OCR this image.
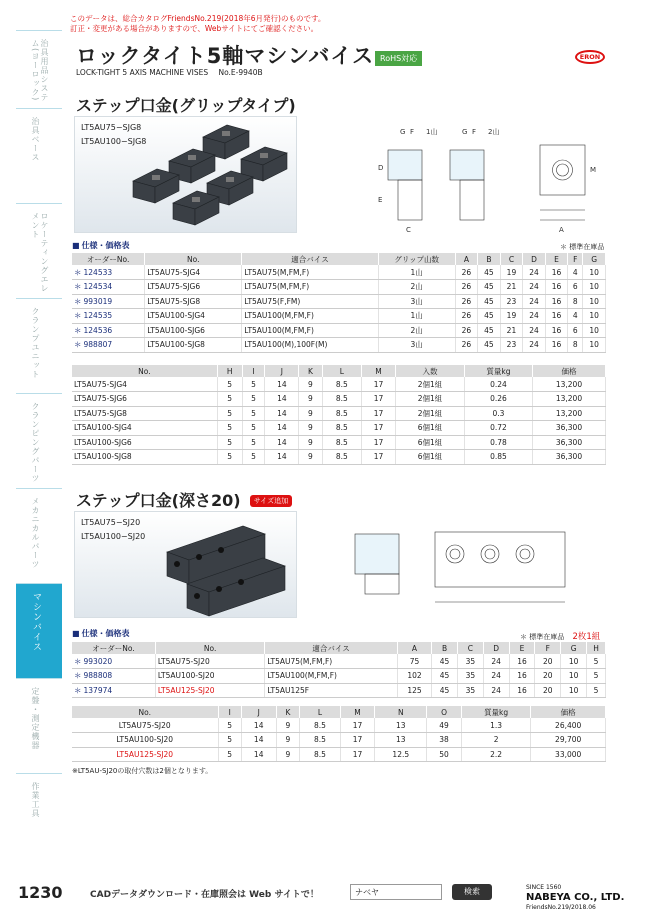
このデータは、総合カタログFriendsNo.219(2018年6月発行)のものです。
訂正・変更がある場合がありますので、Webサイトにてご確認ください。
治具用品システム(ヨーロック)
治具ベース
ロケーティングエレメント
クランプユニット
クランピングパーツ
メカニカルパーツ
マシンバイス
定盤・測定機器
作業工具
ロックタイト5軸マシンバイス RoHS対応
LOCK-TIGHT 5 AXIS MACHINE VISES No.E-9940B
ERON
ステップ口金(グリップタイプ)
LT5AU75−SJG8
LT5AU100−SJG8
G F 1山	G F 2山
D
E
C	A
M
■ 仕様・価格表	＊ 標準在庫品
オーダーNo.	No.	適合バイス	グリップ山数	A	B	C	D	E	F	G
＊ 124533	LT5AU75-SJG4	LT5AU75(M,FM,F)	1山	26	45	19	24	16	4	10
＊ 124534	LT5AU75-SJG6	LT5AU75(M,FM,F)	2山	26	45	21	24	16	6	10
＊ 993019	LT5AU75-SJG8	LT5AU75(F,FM)	3山	26	45	23	24	16	8	10
＊ 124535	LT5AU100-SJG4	LT5AU100(M,FM,F)	1山	26	45	19	24	16	4	10
＊ 124536	LT5AU100-SJG6	LT5AU100(M,FM,F)	2山	26	45	21	24	16	6	10
＊ 988807	LT5AU100-SJG8	LT5AU100(M),100F(M)	3山	26	45	23	24	16	8	10
No.	H	I	J	K	L	M	入数	質量kg	価格
LT5AU75-SJG4	5	5	14	9	8.5	17	2個1組	0.24	13,200
LT5AU75-SJG6	5	5	14	9	8.5	17	2個1組	0.26	13,200
LT5AU75-SJG8	5	5	14	9	8.5	17	2個1組	0.3	13,200
LT5AU100-SJG4	5	5	14	9	8.5	17	6個1組	0.72	36,300
LT5AU100-SJG6	5	5	14	9	8.5	17	6個1組	0.78	36,300
LT5AU100-SJG8	5	5	14	9	8.5	17	6個1組	0.85	36,300
ステップ口金(深さ20) サイズ追加
LT5AU75−SJ20
LT5AU100−SJ20
■ 仕様・価格表	＊ 標準在庫品 2枚1組
オーダーNo.	No.	適合バイス	A	B	C	D	E	F	G	H
＊ 993020	LT5AU75-SJ20	LT5AU75(M,FM,F)	75	45	35	24	16	20	10	5
＊ 988808	LT5AU100-SJ20	LT5AU100(M,FM,F)	102	45	35	24	16	20	10	5
＊ 137974	LT5AU125-SJ20	LT5AU125F	125	45	35	24	16	20	10	5
No.	I	J	K	L	M	N	O	質量kg	価格
LT5AU75-SJ20	5	14	9	8.5	17	13	49	1.3	26,400
LT5AU100-SJ20	5	14	9	8.5	17	13	38	2	29,700
LT5AU125-SJ20	5	14	9	8.5	17	12.5	50	2.2	33,000
※LT5AU-SJ20の取付穴数は2個となります。
1230	CADデータダウンロード・在庫照会は Web サイトで！	ナベヤ	検索	SINCE 1560
NABEYA CO., LTD.
FriendsNo.219/2018.06
